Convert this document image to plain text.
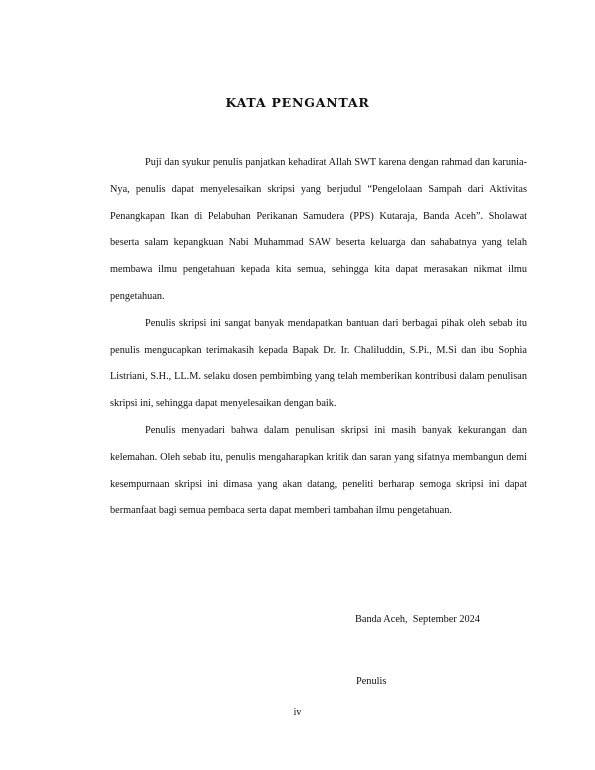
KATA PENGANTAR

Puji dan syukur penulis panjatkan kehadirat Allah SWT karena dengan rahmad dan karunia-Nya, penulis dapat menyelesaikan skripsi yang berjudul “Pengelolaan Sampah dari Aktivitas Penangkapan Ikan di Pelabuhan Perikanan Samudera (PPS) Kutaraja, Banda Aceh”. Sholawat beserta salam kepangkuan Nabi Muhammad SAW beserta keluarga dan sahabatnya yang telah membawa ilmu pengetahuan kepada kita semua, sehingga kita dapat merasakan nikmat ilmu pengetahuan.

Penulis skripsi ini sangat banyak mendapatkan bantuan dari berbagai pihak oleh sebab itu penulis mengucapkan terimakasih kepada Bapak Dr. Ir. Chaliluddin, S.Pi., M.Si dan ibu Sophia Listriani, S.H., LL.M. selaku dosen pembimbing yang telah memberikan kontribusi dalam penulisan skripsi ini, sehingga dapat menyelesaikan dengan baik.

Penulis menyadari bahwa dalam penulisan skripsi ini masih banyak kekurangan dan kelemahan. Oleh sebab itu, penulis mengaharapkan kritik dan saran yang sifatnya membangun demi kesempurnaan skripsi ini dimasa yang akan datang, peneliti berharap semoga skripsi ini dapat bermanfaat bagi semua pembaca serta dapat memberi tambahan ilmu pengetahuan.

Banda Aceh,  September 2024
Penulis
iv
